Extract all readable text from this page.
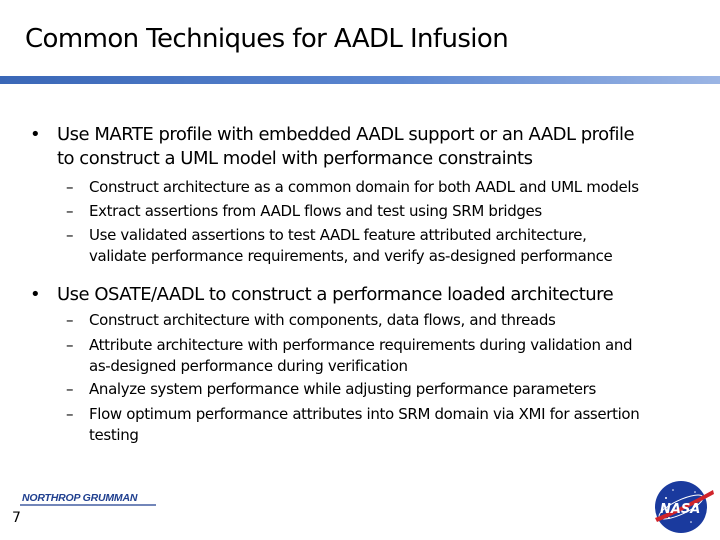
Common Techniques for AADL Infusion
• Use MARTE profile with embedded AADL support or an AADL profile
to construct a UML model with performance constraints
– Construct architecture as a common domain for both AADL and UML models
– Extract assertions from AADL flows and test using SRM bridges
– Use validated assertions to test AADL feature attributed architecture,
validate performance requirements, and verify as-designed performance
• Use OSATE/AADL to construct a performance loaded architecture
– Construct architecture with components, data flows, and threads
– Attribute architecture with performance requirements during validation and
as-designed performance during verification
– Analyze system performance while adjusting performance parameters
– Flow optimum performance attributes into SRM domain via XMI for assertion
testing
NORTHROP GRUMMAN
7
NASA
